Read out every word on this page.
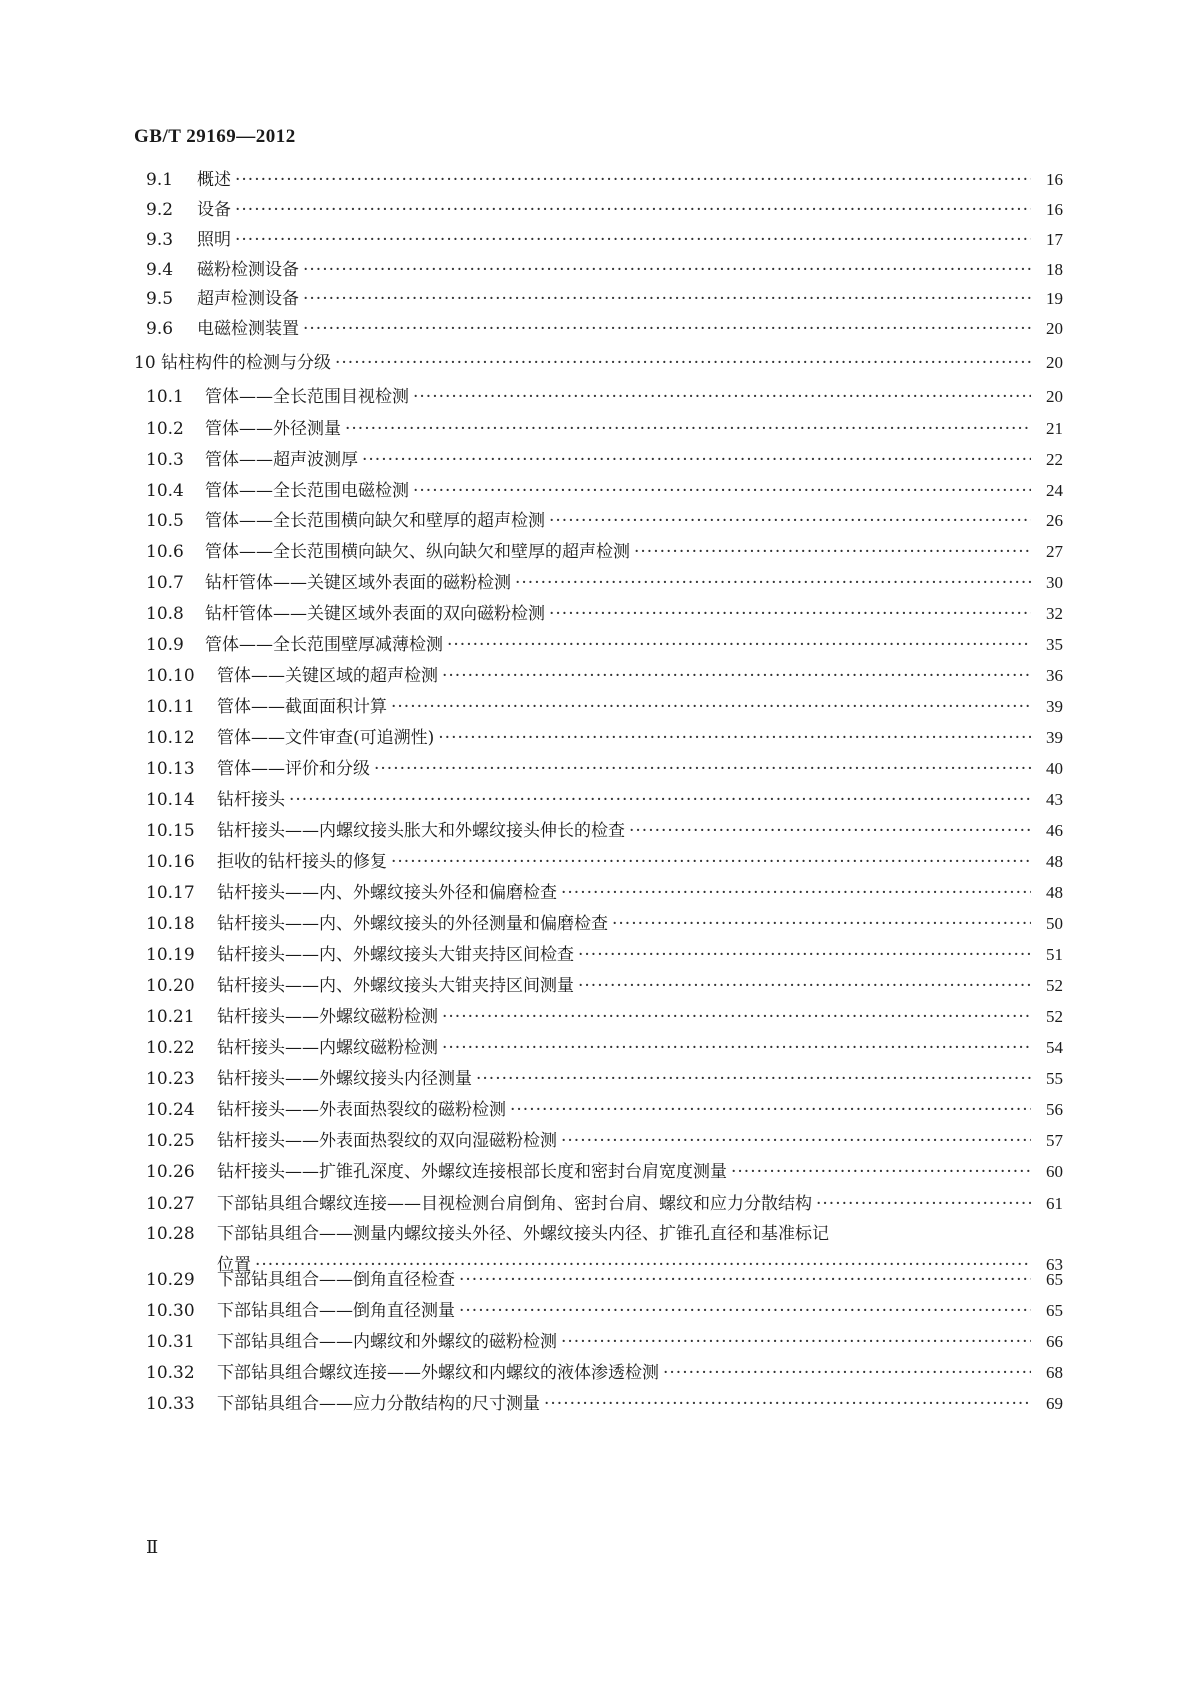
GB/T 29169—2012
9.1 概述 ·····	16
9.2 设备 ·····	16
9.3 照明 ·····	17
9.4 磁粉检测设备 ·····	18
9.5 超声检测设备 ·····	19
9.6 电磁检测装置 ·····	20
10 钻柱构件的检测与分级 ·····	20
10.1 管体——全长范围目视检测 ·····	20
10.2 管体——外径测量 ·····	21
10.3 管体——超声波测厚 ·····	22
10.4 管体——全长范围电磁检测 ·····	24
10.5 管体——全长范围横向缺欠和壁厚的超声检测 ·····	26
10.6 管体——全长范围横向缺欠、纵向缺欠和壁厚的超声检测 ·····	27
10.7 钻杆管体——关键区域外表面的磁粉检测 ·····	30
10.8 钻杆管体——关键区域外表面的双向磁粉检测 ·····	32
10.9 管体——全长范围壁厚减薄检测 ·····	35
10.10 管体——关键区域的超声检测 ·····	36
10.11 管体——截面面积计算 ·····	39
10.12 管体——文件审查(可追溯性) ·····	39
10.13 管体——评价和分级 ·····	40
10.14 钻杆接头 ·····	43
10.15 钻杆接头——内螺纹接头胀大和外螺纹接头伸长的检查 ·····	46
10.16 拒收的钻杆接头的修复 ·····	48
10.17 钻杆接头——内、外螺纹接头外径和偏磨检查 ·····	48
10.18 钻杆接头——内、外螺纹接头的外径测量和偏磨检查 ·····	50
10.19 钻杆接头——内、外螺纹接头大钳夹持区间检查 ·····	51
10.20 钻杆接头——内、外螺纹接头大钳夹持区间测量 ·····	52
10.21 钻杆接头——外螺纹磁粉检测 ·····	52
10.22 钻杆接头——内螺纹磁粉检测 ·····	54
10.23 钻杆接头——外螺纹接头内径测量 ·····	55
10.24 钻杆接头——外表面热裂纹的磁粉检测 ·····	56
10.25 钻杆接头——外表面热裂纹的双向湿磁粉检测 ·····	57
10.26 钻杆接头——扩锥孔深度、外螺纹连接根部长度和密封台肩宽度测量 ·····	60
10.27 下部钻具组合螺纹连接——目视检测台肩倒角、密封台肩、螺纹和应力分散结构 ·····	61
10.28 下部钻具组合——测量内螺纹接头外径、外螺纹接头内径、扩锥孔直径和基准标记
位置 ·····	63
10.29 下部钻具组合——倒角直径检查 ·····	65
10.30 下部钻具组合——倒角直径测量 ·····	65
10.31 下部钻具组合——内螺纹和外螺纹的磁粉检测 ·····	66
10.32 下部钻具组合螺纹连接——外螺纹和内螺纹的液体渗透检测 ·····	68
10.33 下部钻具组合——应力分散结构的尺寸测量 ·····	69
Ⅱ
